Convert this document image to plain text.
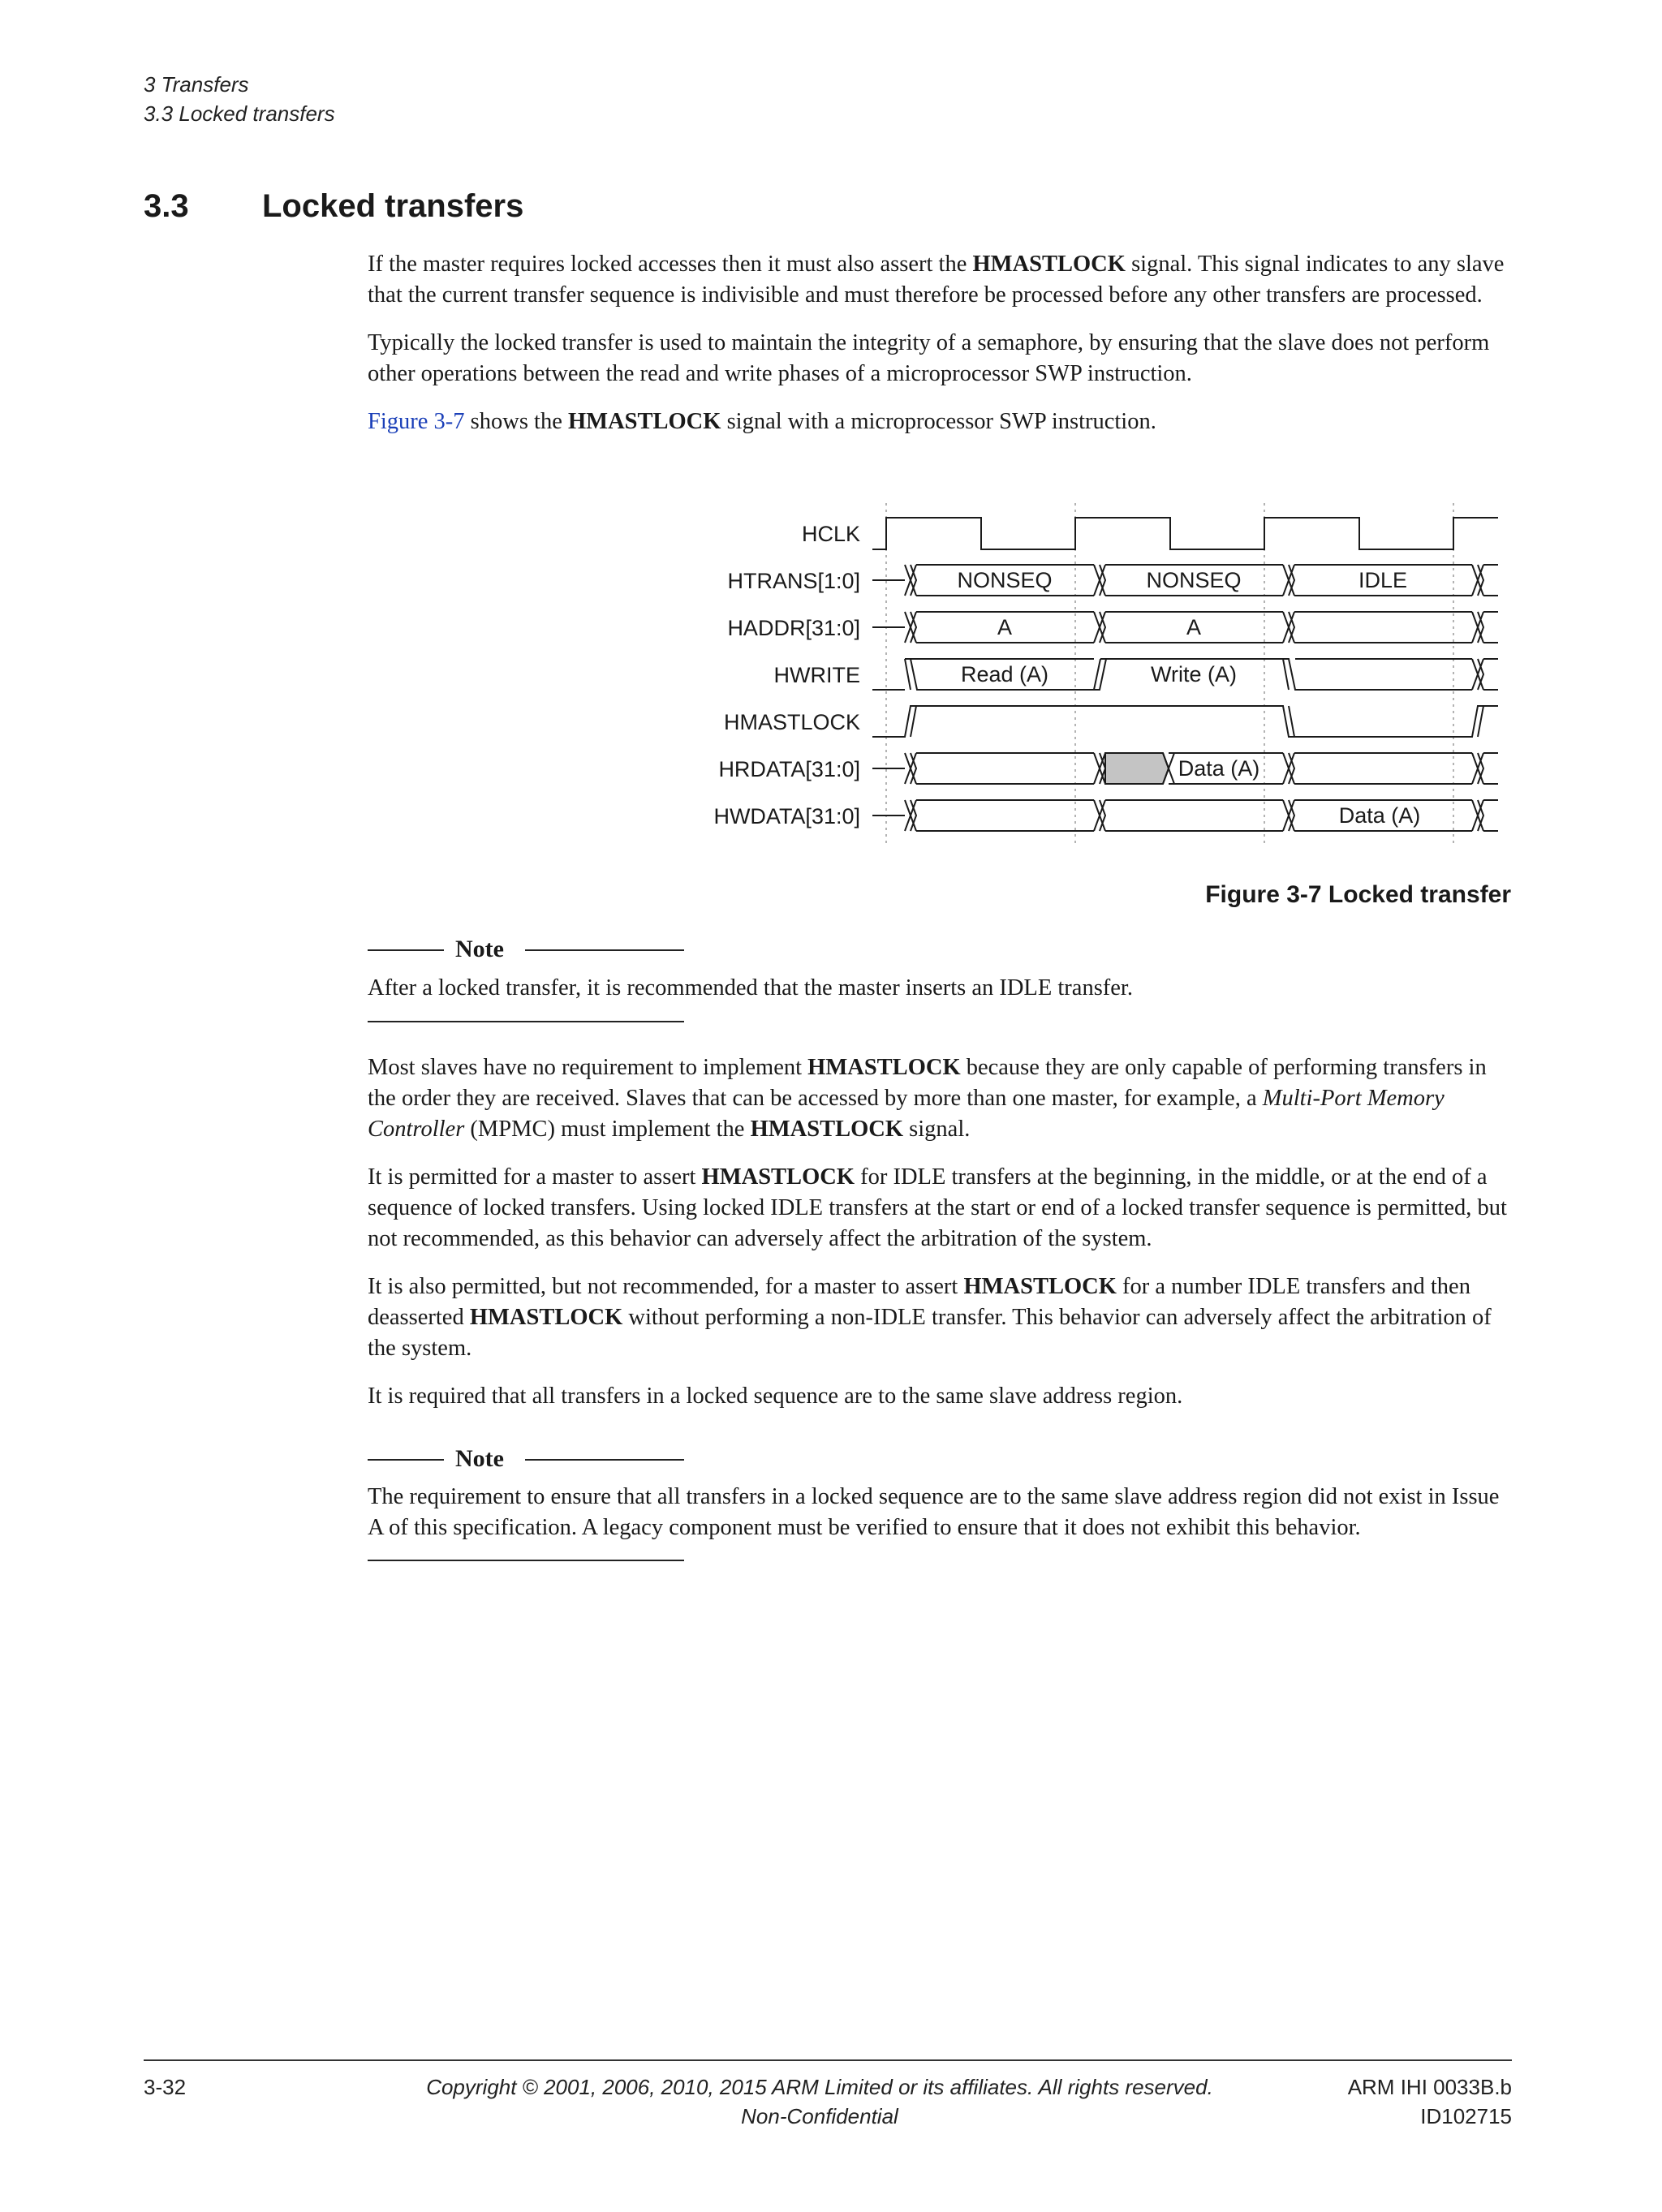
3 Transfers
3.3 Locked transfers
3.3 Locked transfers

If the master requires locked accesses then it must also assert the HMASTLOCK signal. This signal indicates to any slave that the current transfer sequence is indivisible and must therefore be processed before any other transfers are processed.

Typically the locked transfer is used to maintain the integrity of a semaphore, by ensuring that the slave does not perform other operations between the read and write phases of a microprocessor SWP instruction.

Figure 3-7 shows the HMASTLOCK signal with a microprocessor SWP instruction.

HCLK
HTRANS[1:0]
HADDR[31:0]
HWRITE
HMASTLOCK
HRDATA[31:0]
HWDATA[31:0]
NONSEQ	NONSEQ	IDLE
A	A
Read (A)	Write (A)
Data (A)
Data (A)
Figure 3-7 Locked transfer
Note
After a locked transfer, it is recommended that the master inserts an IDLE transfer.

Most slaves have no requirement to implement HMASTLOCK because they are only capable of performing transfers in the order they are received. Slaves that can be accessed by more than one master, for example, a Multi-Port Memory Controller (MPMC) must implement the HMASTLOCK signal.

It is permitted for a master to assert HMASTLOCK for IDLE transfers at the beginning, in the middle, or at the end of a sequence of locked transfers. Using locked IDLE transfers at the start or end of a locked transfer sequence is permitted, but not recommended, as this behavior can adversely affect the arbitration of the system.

It is also permitted, but not recommended, for a master to assert HMASTLOCK for a number IDLE transfers and then deasserted HMASTLOCK without performing a non-IDLE transfer. This behavior can adversely affect the arbitration of the system.

It is required that all transfers in a locked sequence are to the same slave address region.

Note
The requirement to ensure that all transfers in a locked sequence are to the same slave address region did not exist in Issue A of this specification. A legacy component must be verified to ensure that it does not exhibit this behavior.
3-32	Copyright © 2001, 2006, 2010, 2015 ARM Limited or its affiliates. All rights reserved.
Non-Confidential
ARM IHI 0033B.b
ID102715
